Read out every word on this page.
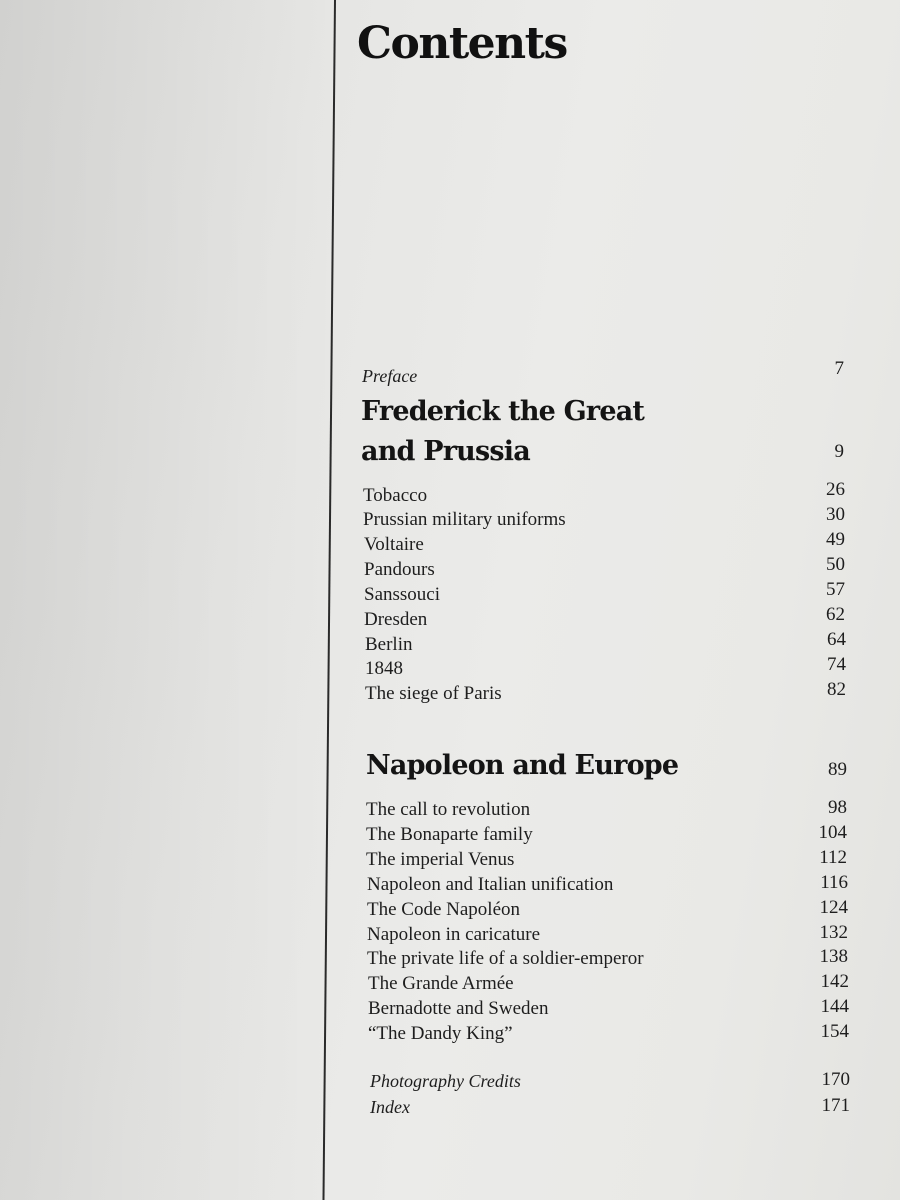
Contents
Preface	7
Frederick the Great
and Prussia	9
Tobacco	26
Prussian military uniforms	30
Voltaire	49
Pandours	50
Sanssouci	57
Dresden	62
Berlin	64
1848	74
The siege of Paris	82
Napoleon and Europe	89
The call to revolution	98
The Bonaparte family	104
The imperial Venus	112
Napoleon and Italian unification	116
The Code Napoléon	124
Napoleon in caricature	132
The private life of a soldier-emperor	138
The Grande Armée	142
Bernadotte and Sweden	144
“The Dandy King”	154
Photography Credits	170
Index	171
